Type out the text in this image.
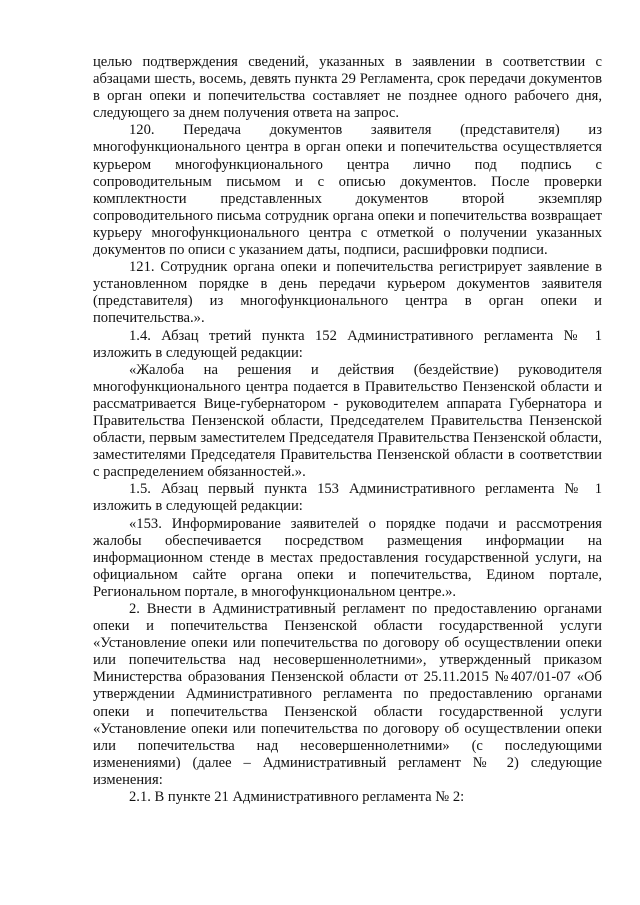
целью подтверждения сведений, указанных в заявлении в соответствии с абзацами шесть, восемь, девять пункта 29 Регламента, срок передачи документов в орган опеки и попечительства составляет не позднее одного рабочего дня, следующего за днем получения ответа на запрос.

120. Передача документов заявителя (представителя) из многофункционального центра в орган опеки и попечительства осуществляется курьером многофункционального центра лично под подпись с сопроводительным письмом и с описью документов. После проверки комплектности представленных документов второй экземпляр сопроводительного письма сотрудник органа опеки и попечительства возвращает курьеру многофункционального центра с отметкой о получении указанных документов по описи с указанием даты, подписи, расшифровки подписи.

121. Сотрудник органа опеки и попечительства регистрирует заявление в установленном порядке в день передачи курьером документов заявителя (представителя) из многофункционального центра в орган опеки и попечительства.».

1.4. Абзац третий пункта 152 Административного регламента № 1 изложить в следующей редакции:

«Жалоба на решения и действия (бездействие) руководителя многофункционального центра подается в Правительство Пензенской области и рассматривается Вице-губернатором - руководителем аппарата Губернатора и Правительства Пензенской области, Председателем Правительства Пензенской области, первым заместителем Председателя Правительства Пензенской области, заместителями Председателя Правительства Пензенской области в соответствии с распределением обязанностей.».

1.5. Абзац первый пункта 153 Административного регламента № 1 изложить в следующей редакции:

«153. Информирование заявителей о порядке подачи и рассмотрения жалобы обеспечивается посредством размещения информации на информационном стенде в местах предоставления государственной услуги, на официальном сайте органа опеки и попечительства, Едином портале, Региональном портале, в многофункциональном центре.».

2. Внести в Административный регламент по предоставлению органами опеки и попечительства Пензенской области государственной услуги «Установление опеки или попечительства по договору об осуществлении опеки или попечительства над несовершеннолетними», утвержденный приказом Министерства образования Пензенской области от 25.11.2015 №407/01-07 «Об утверждении Административного регламента по предоставлению органами опеки и попечительства Пензенской области государственной услуги «Установление опеки или попечительства по договору об осуществлении опеки или попечительства над несовершеннолетними» (с последующими изменениями) (далее – Административный регламент № 2) следующие изменения:

2.1. В пункте 21 Административного регламента № 2:
